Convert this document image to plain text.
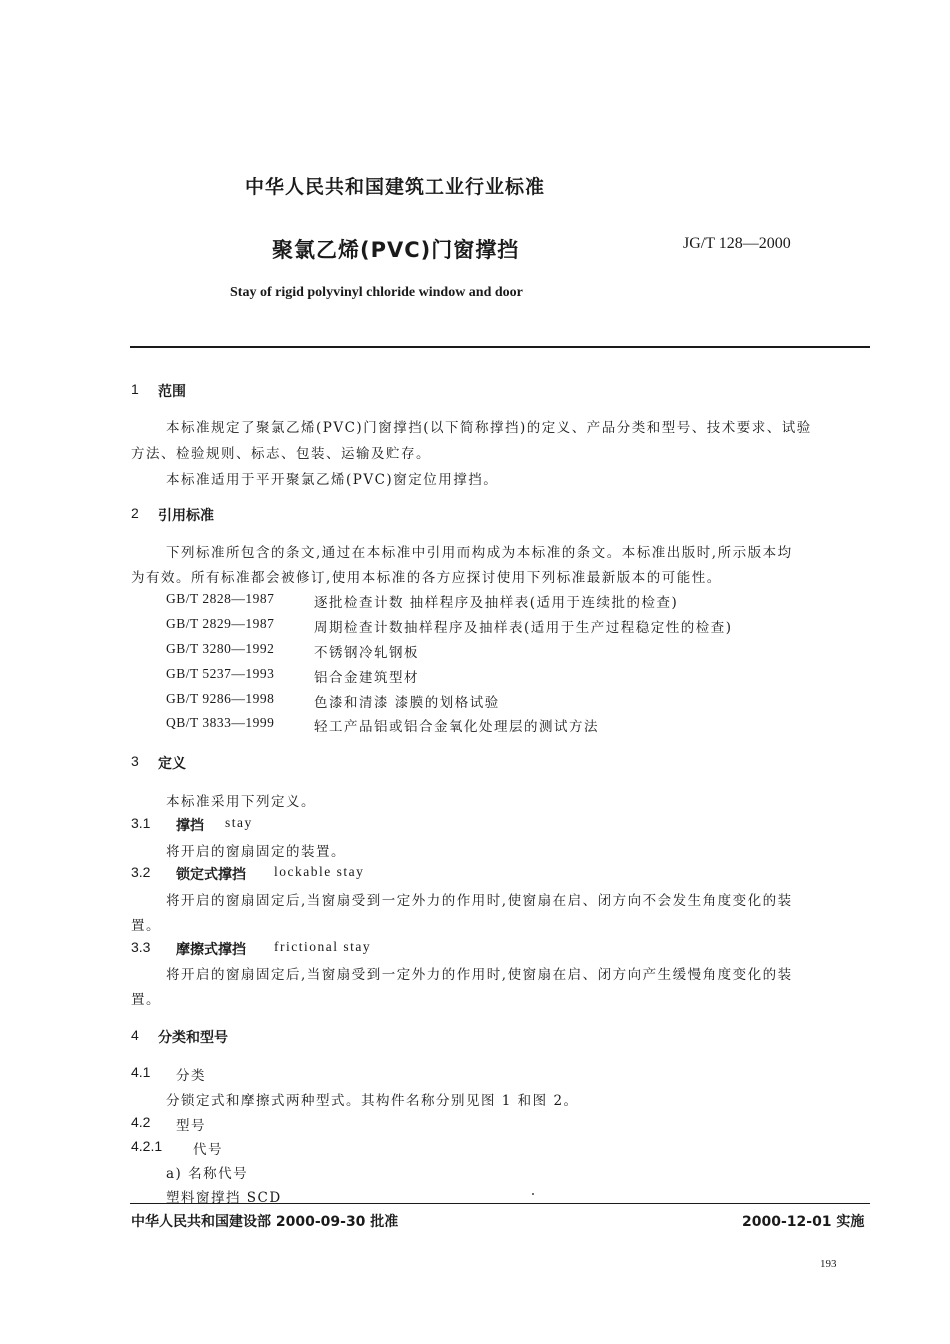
中华人民共和国建筑工业行业标准
聚氯乙烯(PVC)门窗撑挡	JG/T 128—2000
Stay of rigid polyvinyl chloride window and door
1 范围
本标准规定了聚氯乙烯(PVC)门窗撑挡(以下简称撑挡)的定义、产品分类和型号、技术要求、试验
方法、检验规则、标志、包装、运输及贮存。
本标准适用于平开聚氯乙烯(PVC)窗定位用撑挡。
2 引用标准
下列标准所包含的条文,通过在本标准中引用而构成为本标准的条文。本标准出版时,所示版本均
为有效。所有标准都会被修订,使用本标准的各方应探讨使用下列标准最新版本的可能性。
GB/T 2828—1987	逐批检查计数 抽样程序及抽样表(适用于连续批的检查)
GB/T 2829—1987	周期检查计数抽样程序及抽样表(适用于生产过程稳定性的检查)
GB/T 3280—1992	不锈钢冷轧钢板
GB/T 5237—1993	铝合金建筑型材
GB/T 9286—1998	色漆和清漆 漆膜的划格试验
QB/T 3833—1999	轻工产品铝或铝合金氧化处理层的测试方法
3 定义
本标准采用下列定义。
3.1 撑挡 stay
将开启的窗扇固定的装置。
3.2 锁定式撑挡 lockable stay
将开启的窗扇固定后,当窗扇受到一定外力的作用时,使窗扇在启、闭方向不会发生角度变化的装
置。
3.3 摩擦式撑挡 frictional stay
将开启的窗扇固定后,当窗扇受到一定外力的作用时,使窗扇在启、闭方向产生缓慢角度变化的装
置。
4 分类和型号
4.1 分类
分锁定式和摩擦式两种型式。其构件名称分别见图 1 和图 2。
4.2 型号
4.2.1 代号
a) 名称代号
塑料窗撑挡 SCD
中华人民共和国建设部 2000-09-30 批准	2000-12-01 实施
193
